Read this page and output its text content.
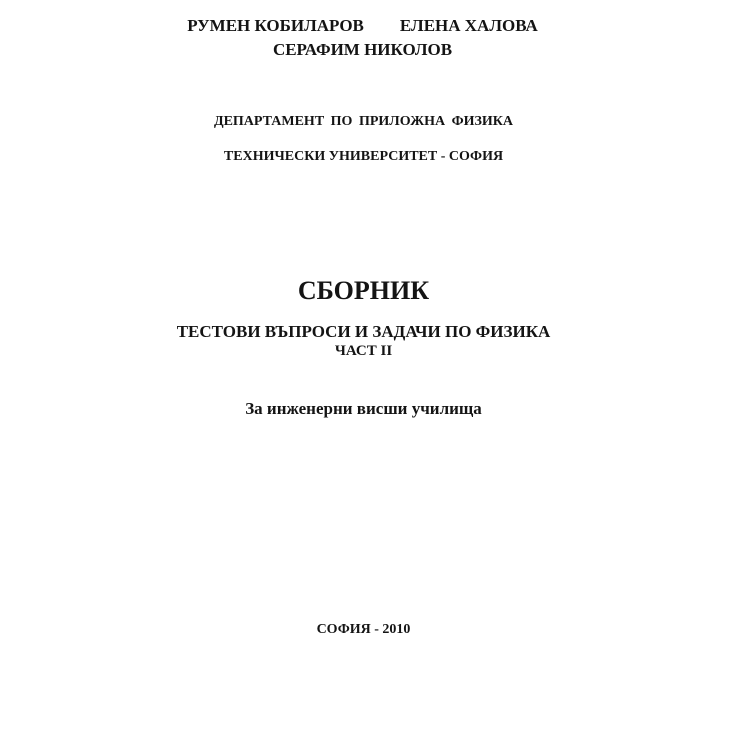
РУМЕН КОБИЛАРОВ ЕЛЕНА ХАЛОВА
СЕРАФИМ НИКОЛОВ
ДЕПАРТАМЕНТ ПО ПРИЛОЖНА ФИЗИКА
ТЕХНИЧЕСКИ УНИВЕРСИТЕТ - СОФИЯ
СБОРНИК
ТЕСТОВИ ВЪПРОСИ И ЗАДАЧИ ПО ФИЗИКА
ЧАСТ II
За инженерни висши училища
СОФИЯ - 2010
